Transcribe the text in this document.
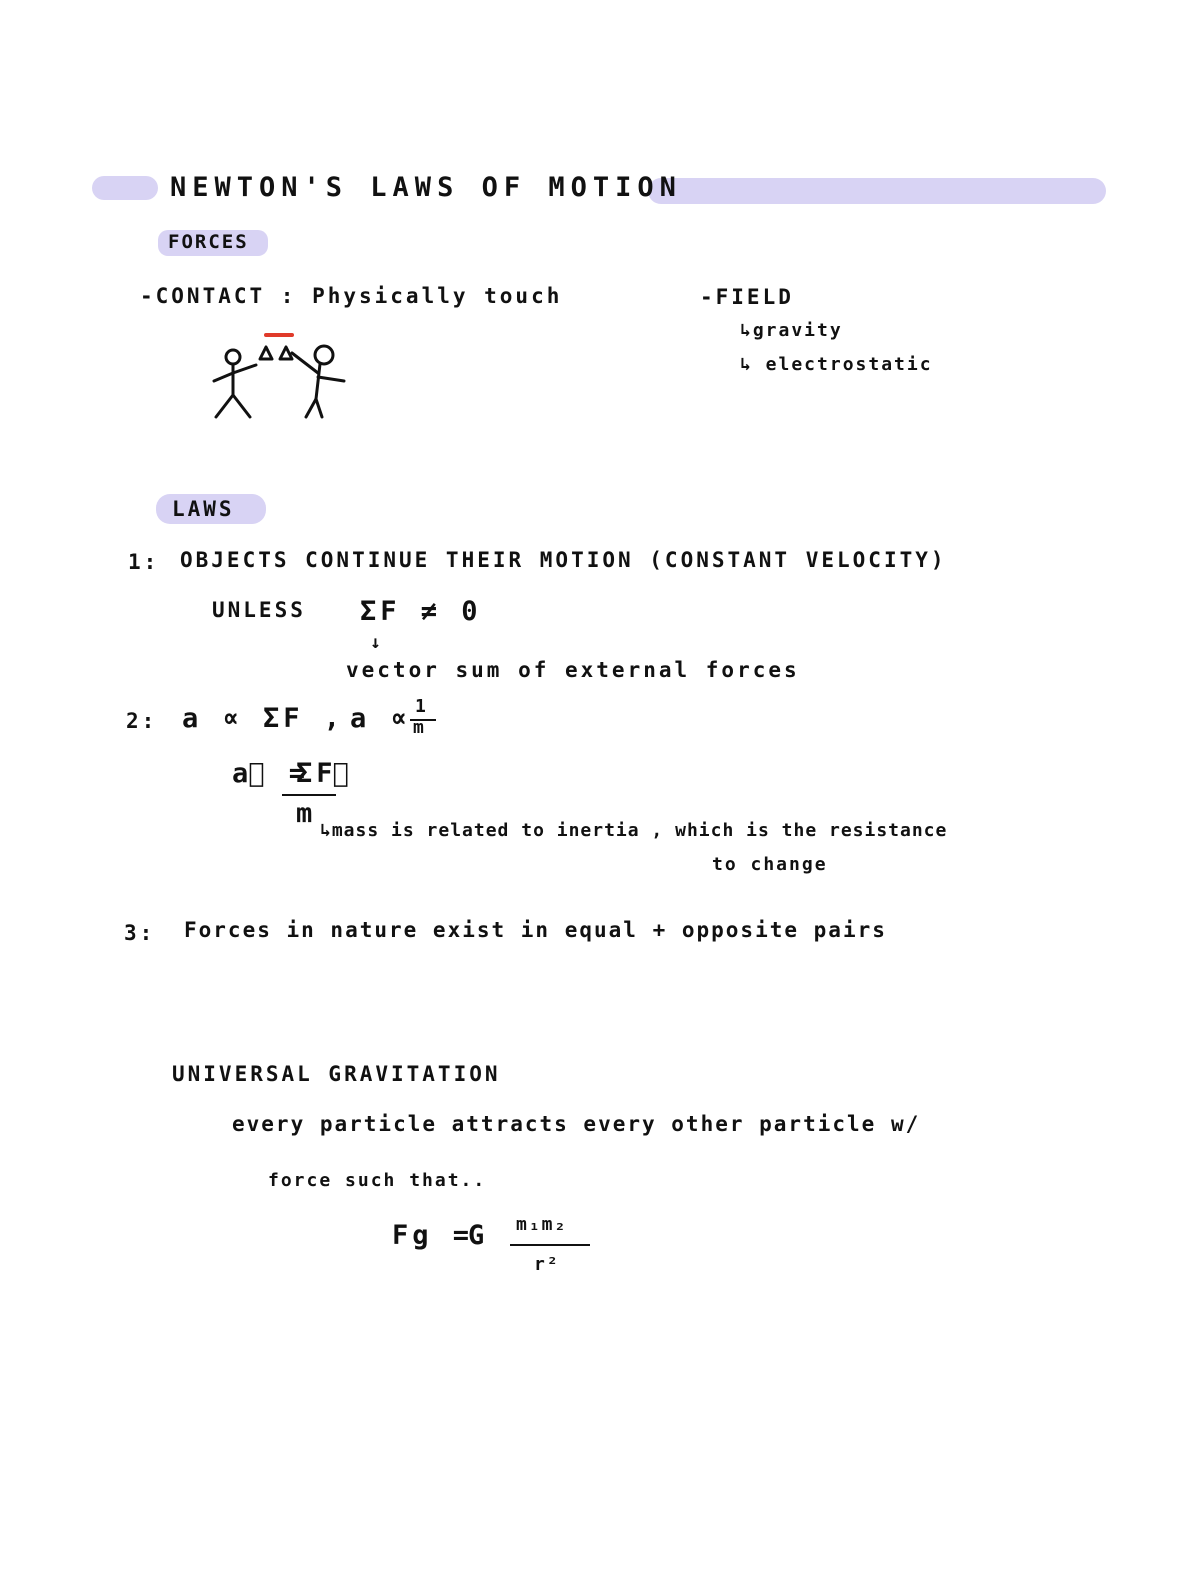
NEWTON'S LAWS OF MOTION
FORCES
-CONTACT : Physically touch	-FIELD
↳gravity
↳ electrostatic
LAWS
1: OBJECTS CONTINUE THEIR MOTION (CONSTANT VELOCITY)
UNLESS ΣF ≠ 0
↓
vector sum of external forces
2: a ∝ ΣF , a ∝ 1
m
a⃗ =
ΣF⃗
m
↳mass is related to inertia , which is the resistance
to change
3: Forces in nature exist in equal + opposite pairs
UNIVERSAL GRAVITATION
every particle attracts every other particle w/
force such that..
Fg =
G m₁m₂
r²
